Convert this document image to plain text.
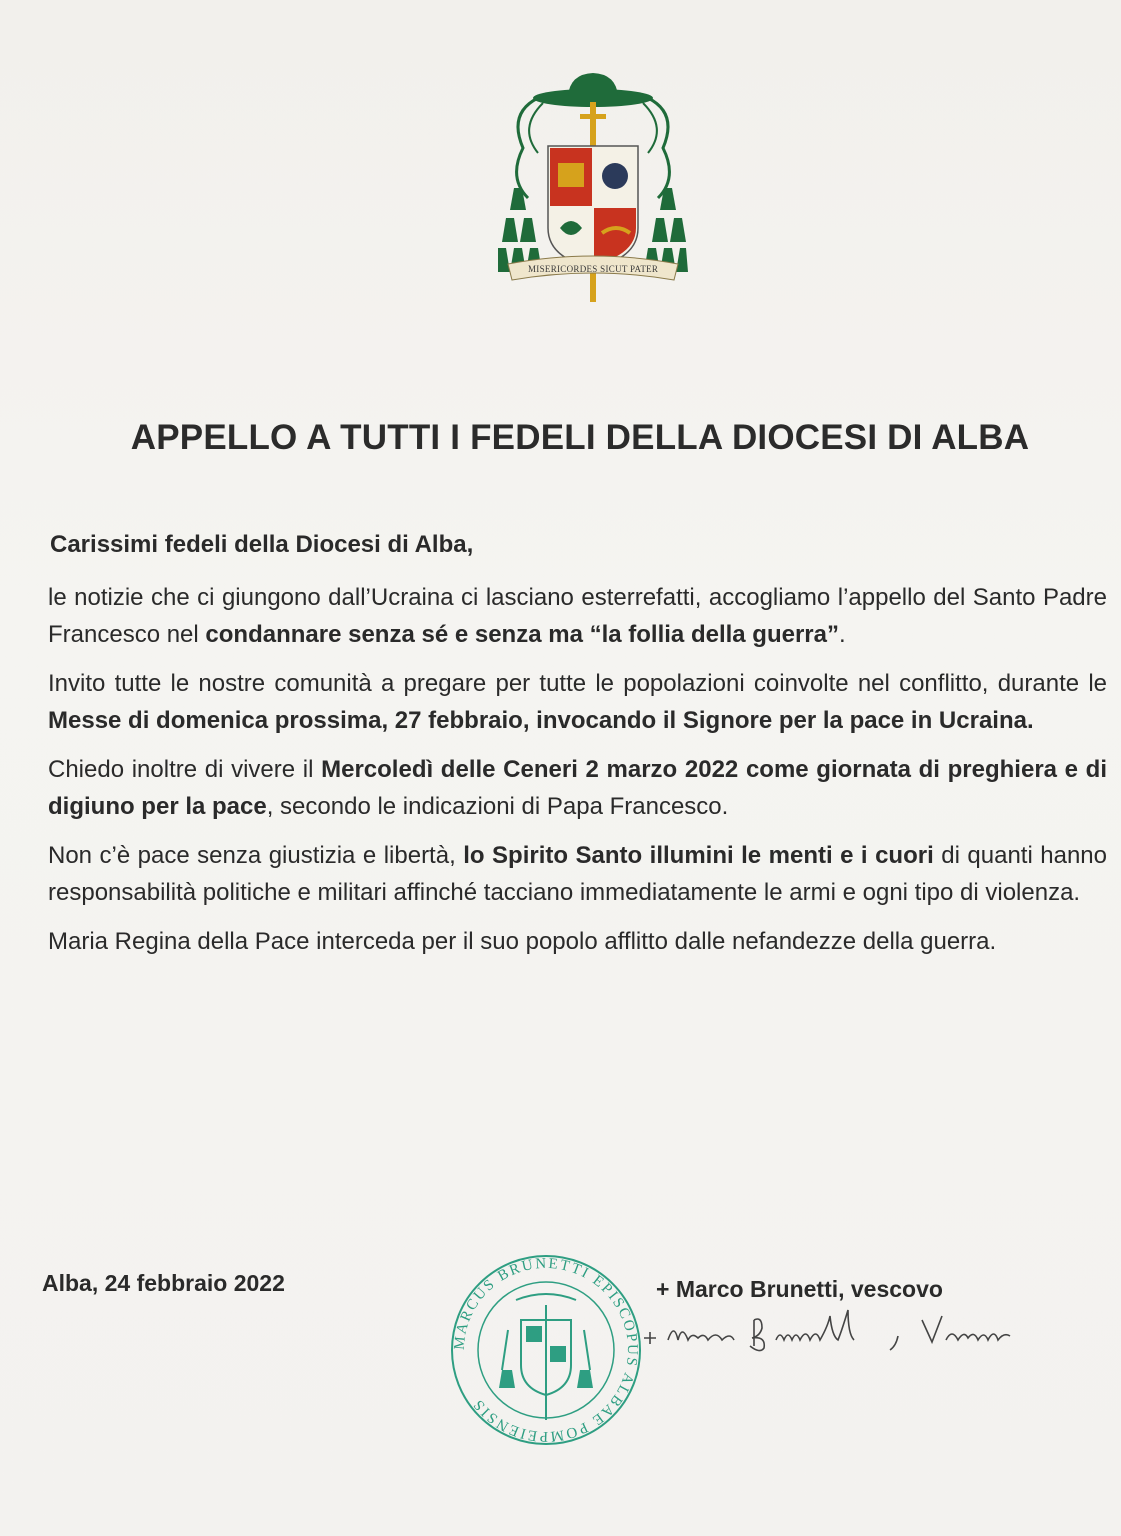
MISERICORDES SICUT PATER
APPELLO A TUTTI I FEDELI DELLA DIOCESI DI ALBA
Carissimi fedeli della Diocesi di Alba,
le notizie che ci giungono dall’Ucraina ci lasciano esterrefatti, accogliamo l’appello del Santo Padre Francesco nel condannare senza sé e senza ma “la follia della guerra”.
Invito tutte le nostre comunità a pregare per tutte le popolazioni coinvolte nel conflitto, durante le Messe di domenica prossima, 27 febbraio, invocando il Signore per la pace in Ucraina.
Chiedo inoltre di vivere il Mercoledì delle Ceneri 2 marzo 2022 come giornata di preghiera e di digiuno per la pace, secondo le indicazioni di Papa Francesco.
Non c’è pace senza giustizia e libertà, lo Spirito Santo illumini le menti e i cuori di quanti hanno responsabilità politiche e militari affinché tacciano immediatamente le armi e ogni tipo di violenza.
Maria Regina della Pace interceda per il suo popolo afflitto dalle nefandezze della guerra.
Alba, 24 febbraio 2022
MARCUS BRUNETTI EPISCOPUS ALBAE POMPEIENSIS
+ Marco Brunetti, vescovo
+ Marco Brunetti, Vescovo
